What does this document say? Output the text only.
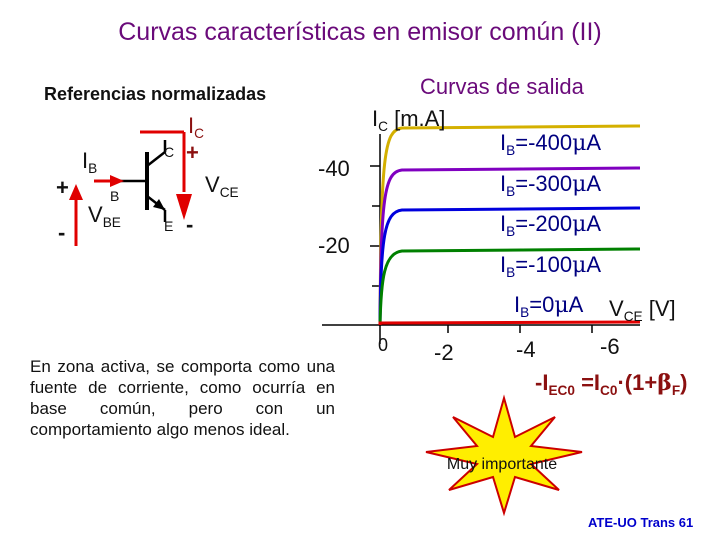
Curvas características en emisor común (II)
Referencias normalizadas	Curvas de salida
$I_C$
C +
$I_B$
+
-
B
$V_{BE}$	E -
$V_{CE}$
$I_C$ [m.A]
-40
-20
0 -2	-4	-6
$V_{CE}$ [V]
$I_B=-400\mu A$
$I_B=-300\mu A$
$I_B=-200\mu A$
$I_B=-100\mu A$
$I_B=0\mu A$
$-I_{EC0} =I_{C0}\cdot(1+\beta_F)$
En zona activa, se comporta como una fuente de corriente, como ocurría en base común, pero con un comportamiento algo menos ideal.
Muy importante
ATE-UO Trans 61
